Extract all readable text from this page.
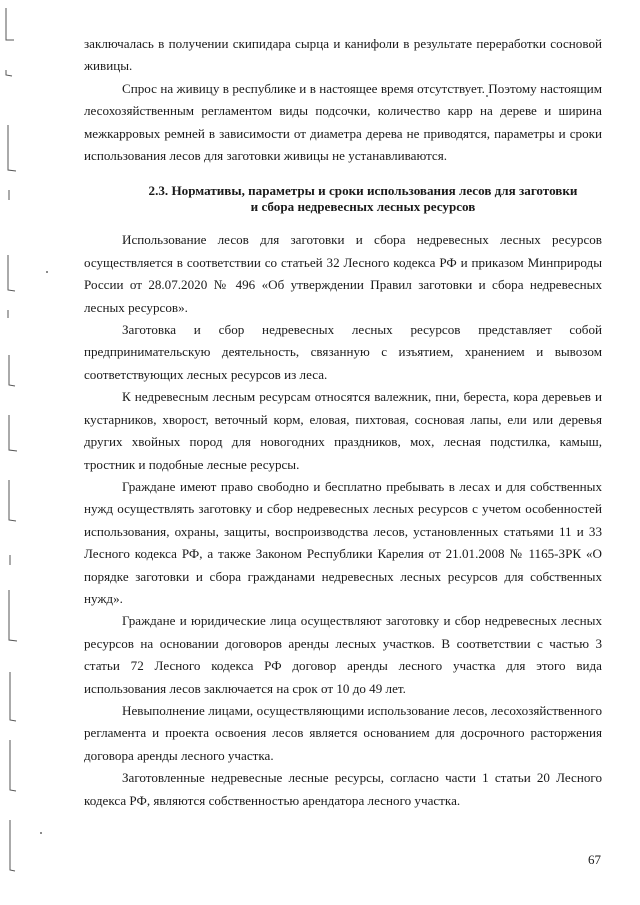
заключалась в получении скипидара сырца и канифоли в результате переработки сосновой живицы.

Спрос на живицу в республике и в настоящее время отсутствует. Поэтому настоящим лесохозяйственным регламентом виды подсочки, количество карр на дереве и ширина межкарровых ремней в зависимости от диаметра дерева не приводятся, параметры и сроки использования лесов для заготовки живицы не устанавливаются.

2.3. Нормативы, параметры и сроки использования лесов для заготовки
и сбора недревесных лесных ресурсов

Использование лесов для заготовки и сбора недревесных лесных ресурсов осуществляется в соответствии со статьей 32 Лесного кодекса РФ и приказом Минприроды России от 28.07.2020 № 496 «Об утверждении Правил заготовки и сбора недревесных лесных ресурсов».

Заготовка и сбор недревесных лесных ресурсов представляет собой предпринимательскую деятельность, связанную с изъятием, хранением и вывозом соответствующих лесных ресурсов из леса.

К недревесным лесным ресурсам относятся валежник, пни, береста, кора деревьев и кустарников, хворост, веточный корм, еловая, пихтовая, сосновая лапы, ели или деревья других хвойных пород для новогодних праздников, мох, лесная подстилка, камыш, тростник и подобные лесные ресурсы.

Граждане имеют право свободно и бесплатно пребывать в лесах и для собственных нужд осуществлять заготовку и сбор недревесных лесных ресурсов с учетом особенностей использования, охраны, защиты, воспроизводства лесов, установленных статьями 11 и 33 Лесного кодекса РФ, а также Законом Республики Карелия от 21.01.2008 № 1165-ЗРК «О порядке заготовки и сбора гражданами недревесных лесных ресурсов для собственных нужд».

Граждане и юридические лица осуществляют заготовку и сбор недревесных лесных ресурсов на основании договоров аренды лесных участков. В соответствии с частью 3 статьи 72 Лесного кодекса РФ договор аренды лесного участка для этого вида использования лесов заключается на срок от 10 до 49 лет.

Невыполнение лицами, осуществляющими использование лесов, лесохозяйственного регламента и проекта освоения лесов является основанием для досрочного расторжения договора аренды лесного участка.

Заготовленные недревесные лесные ресурсы, согласно части 1 статьи 20 Лесного кодекса РФ, являются собственностью арендатора лесного участка.

67
